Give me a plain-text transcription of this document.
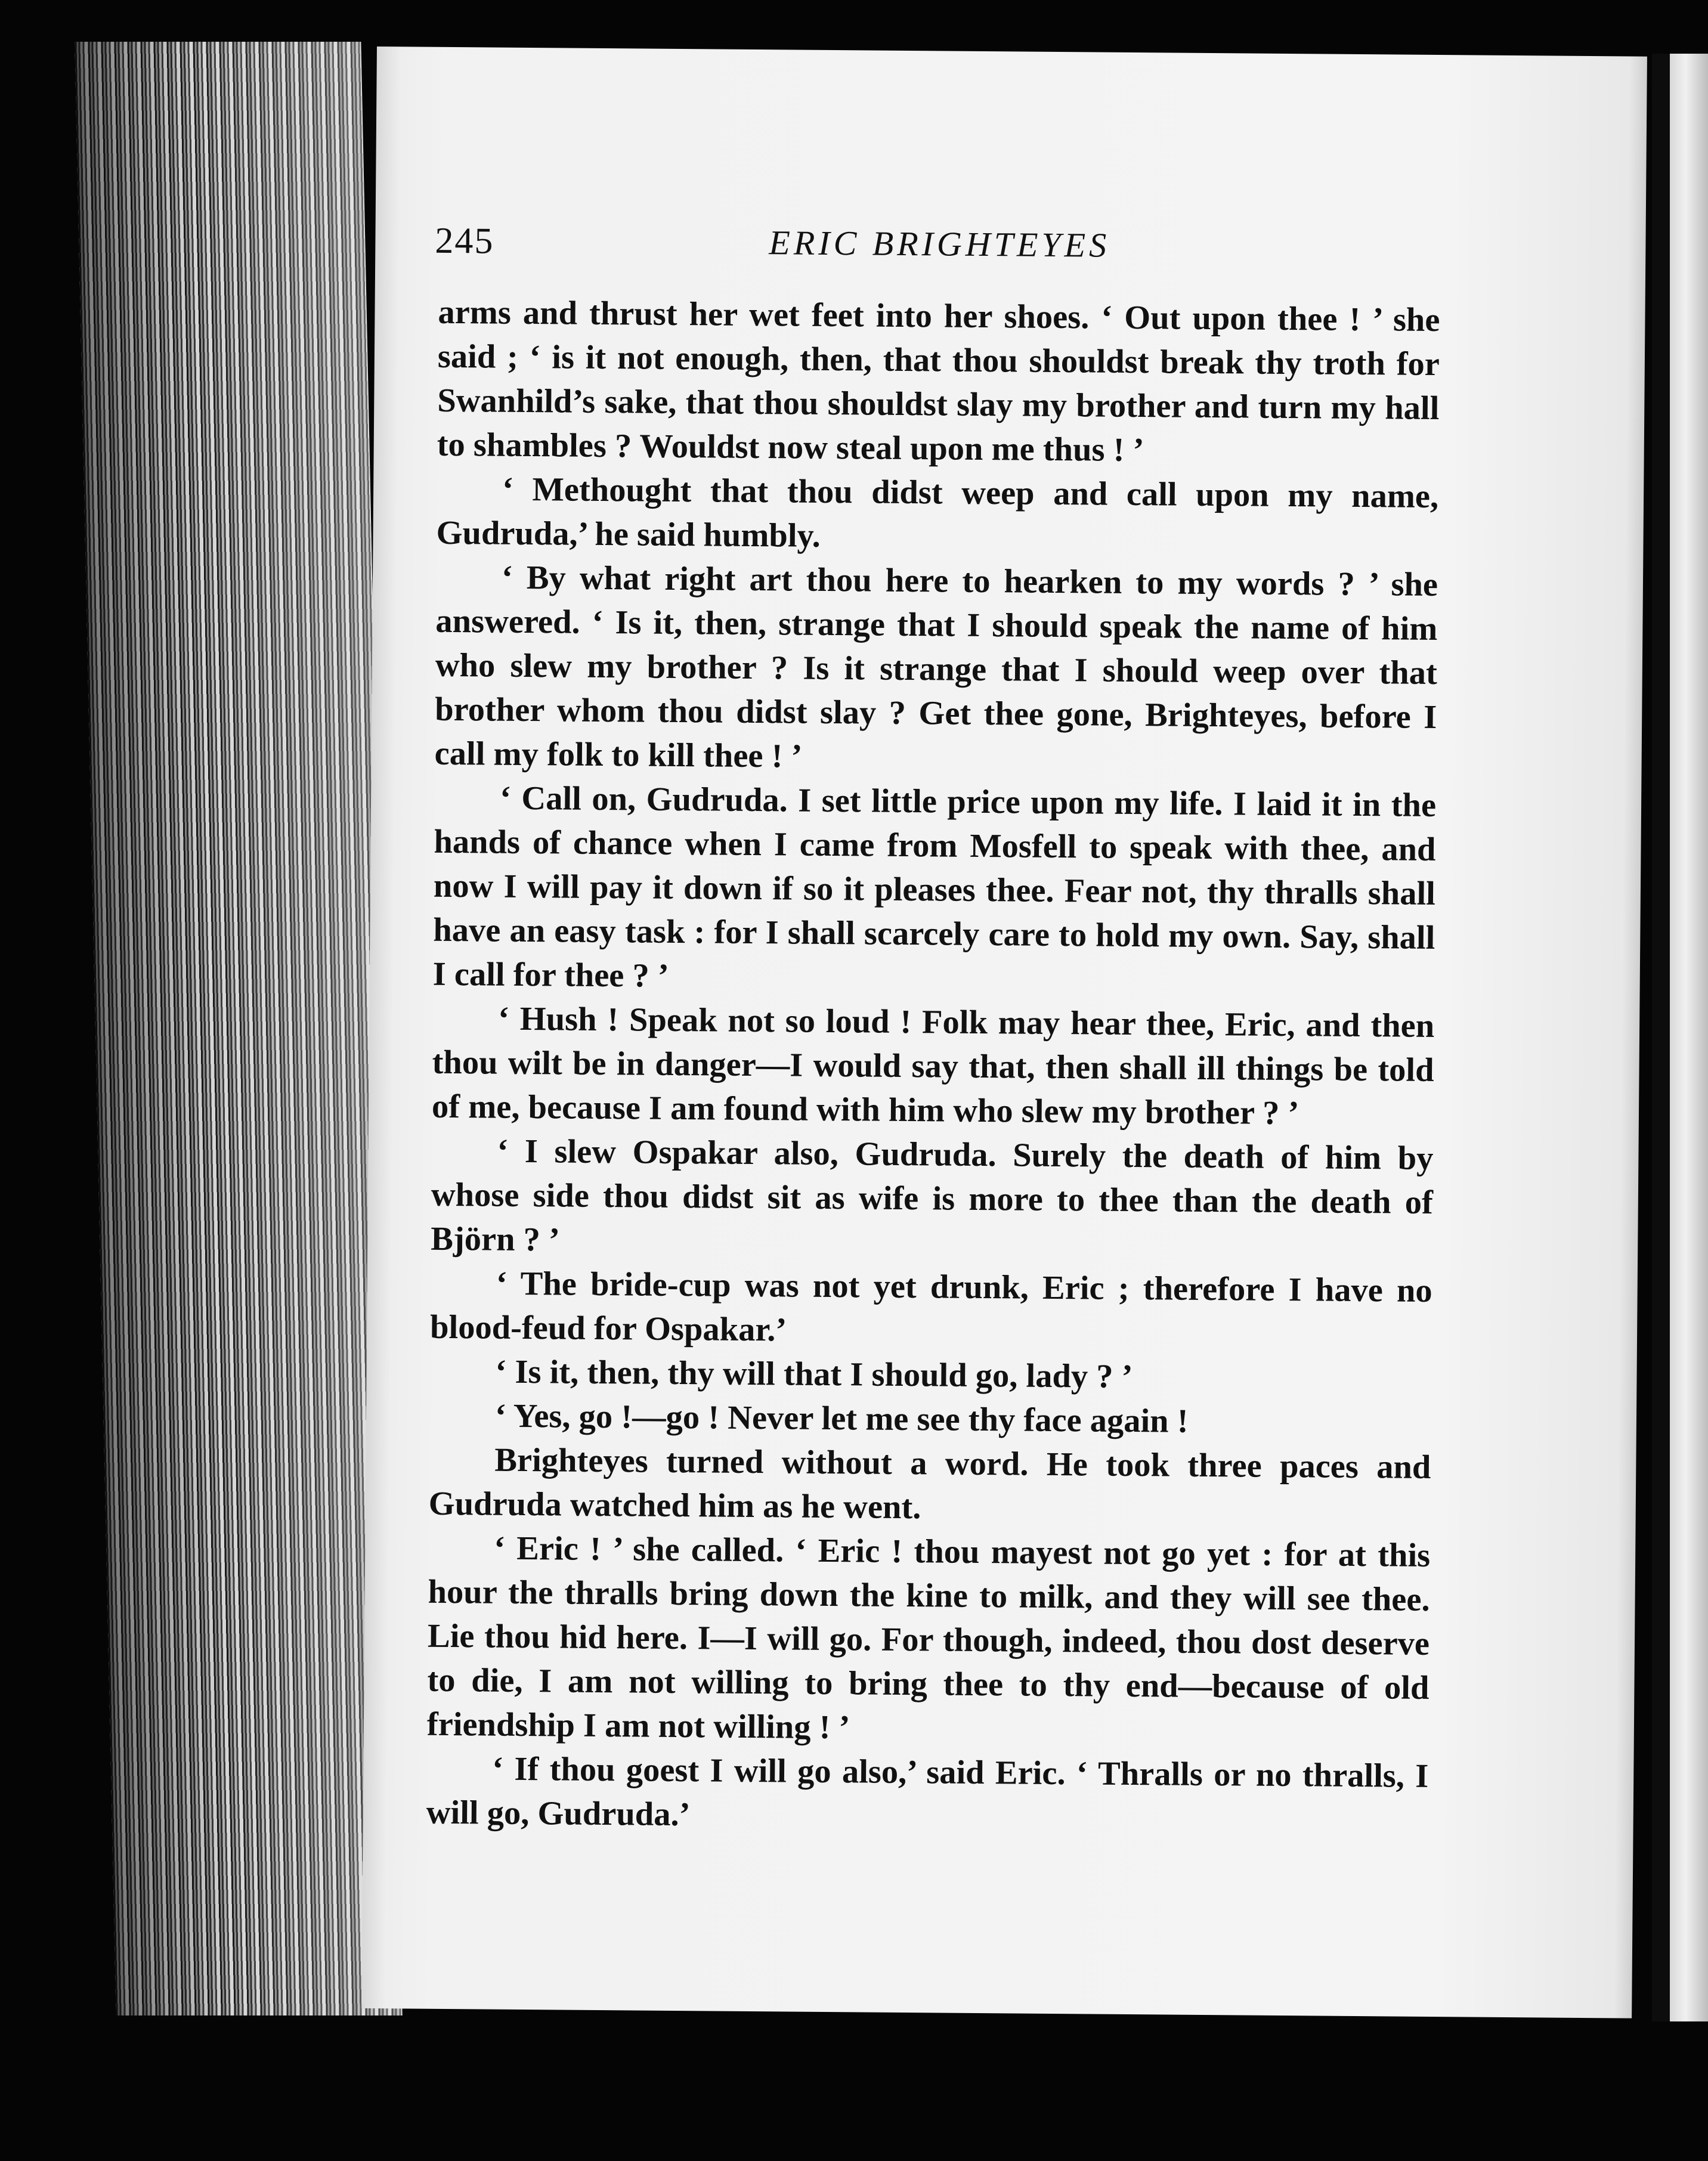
245	ERIC BRIGHTEYES

arms and thrust her wet feet into her shoes. ‘ Out upon thee ! ’ she said ; ‘ is it not enough, then, that thou shouldst break thy troth for Swanhild’s sake, that thou shouldst slay my brother and turn my hall to shambles ? Wouldst now steal upon me thus ! ’

‘ Methought that thou didst weep and call upon my name, Gudruda,’ he said humbly.

‘ By what right art thou here to hearken to my words ? ’ she answered. ‘ Is it, then, strange that I should speak the name of him who slew my brother ? Is it strange that I should weep over that brother whom thou didst slay ? Get thee gone, Brighteyes, before I call my folk to kill thee ! ’

‘ Call on, Gudruda. I set little price upon my life. I laid it in the hands of chance when I came from Mosfell to speak with thee, and now I will pay it down if so it pleases thee. Fear not, thy thralls shall have an easy task : for I shall scarcely care to hold my own. Say, shall I call for thee ? ’

‘ Hush ! Speak not so loud ! Folk may hear thee, Eric, and then thou wilt be in danger—I would say that, then shall ill things be told of me, because I am found with him who slew my brother ? ’

‘ I slew Ospakar also, Gudruda. Surely the death of him by whose side thou didst sit as wife is more to thee than the death of Björn ? ’

‘ The bride-cup was not yet drunk, Eric ; therefore I have no blood-feud for Ospakar.’

‘ Is it, then, thy will that I should go, lady ? ’

‘ Yes, go !—go ! Never let me see thy face again !

Brighteyes turned without a word. He took three paces and Gudruda watched him as he went.

‘ Eric ! ’ she called. ‘ Eric ! thou mayest not go yet : for at this hour the thralls bring down the kine to milk, and they will see thee. Lie thou hid here. I—I will go. For though, indeed, thou dost deserve to die, I am not willing to bring thee to thy end—because of old friendship I am not willing ! ’

‘ If thou goest I will go also,’ said Eric. ‘ Thralls or no thralls, I will go, Gudruda.’
